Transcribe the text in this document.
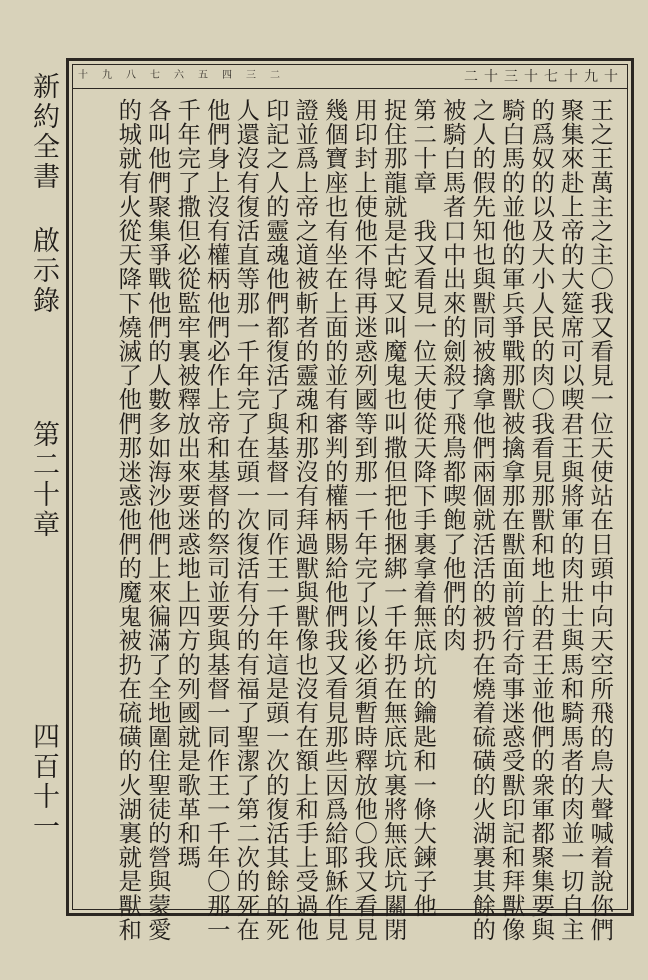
十 九 八 七 六 五 四 三 二	二十三十七十九十
王之王萬主之主〇我又看見一位天使站在日頭中向天空所飛的鳥大聲喊着說你們
聚集來赴上帝的大筵席可以喫君王與將軍的肉壯士與馬和騎馬者的肉並一切自主
的爲奴的以及大小人民的肉〇我看見那獸和地上的君王並他們的衆軍都聚集要與
騎白馬的並他的軍兵爭戰那獸被擒拿那在獸面前曾行奇事迷惑受獸印記和拜獸像
之人的假先知也與獸同被擒拿他們兩個就活活的被扔在燒着硫磺的火湖裏其餘的
被騎白馬者口中出來的劍殺了飛鳥都喫飽了他們的肉
第二十章　我又看見一位天使從天降下手裏拿着無底坑的鑰匙和一條大鍊子他
捉住那龍就是古蛇又叫魔鬼也叫撒但把他捆綁一千年扔在無底坑裏將無底坑關閉
用印封上使他不得再迷惑列國等到那一千年完了以後必須暫時釋放他〇我又看見
幾個寶座也有坐在上面的並有審判的權柄賜給他們我又看見那些因爲給耶穌作見
證並爲上帝之道被斬者的靈魂和那沒有拜過獸與獸像也沒有在額上和手上受過他
印記之人的靈魂他們都復活了與基督一同作王一千年這是頭一次的復活其餘的死
人還沒有復活直等那一千年完了在頭一次復活有分的有福了聖潔了第二次的死在
他們身上沒有權柄他們必作上帝和基督的祭司並要與基督一同作王一千年〇那一
千年完了撒但必從監牢裏被釋放出來要迷惑地上四方的列國就是歌革和瑪
各叫他們聚集爭戰他們的人數多如海沙他們上來徧滿了全地圍住聖徒的營與蒙愛
的城就有火從天降下燒滅了他們那迷惑他們的魔鬼被扔在硫磺的火湖裏就是獸和
新約全書 啟示錄
第二十章
四百十一
